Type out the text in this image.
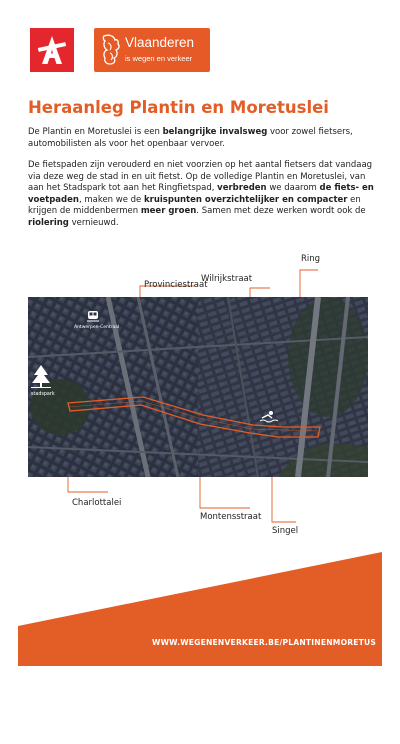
Vlaanderen
is wegen en verkeer
Heraanleg Plantin en Moretuslei
De Plantin en Moretuslei is een belangrijke invalsweg voor zowel fietsers, automobilisten als voor het openbaar vervoer.
De fietspaden zijn verouderd en niet voorzien op het aantal fietsers dat vandaag via deze weg de stad in en uit fietst. Op de volledige Plantin en Moretuslei, van aan het Stadspark tot aan het Ringfietspad, verbreden we daarom de fiets- en voetpaden, maken we de kruispunten overzichtelijker en compacter en krijgen de middenbermen meer groen. Samen met deze werken wordt ook de riolering vernieuwd.
Antwerpen-Centraal
stadspark
Provinciestraat
Wilrijkstraat
Ring
Charlottalei
Montensstraat
Singel
WWW.WEGENENVERKEER.BE/PLANTINENMORETUS
